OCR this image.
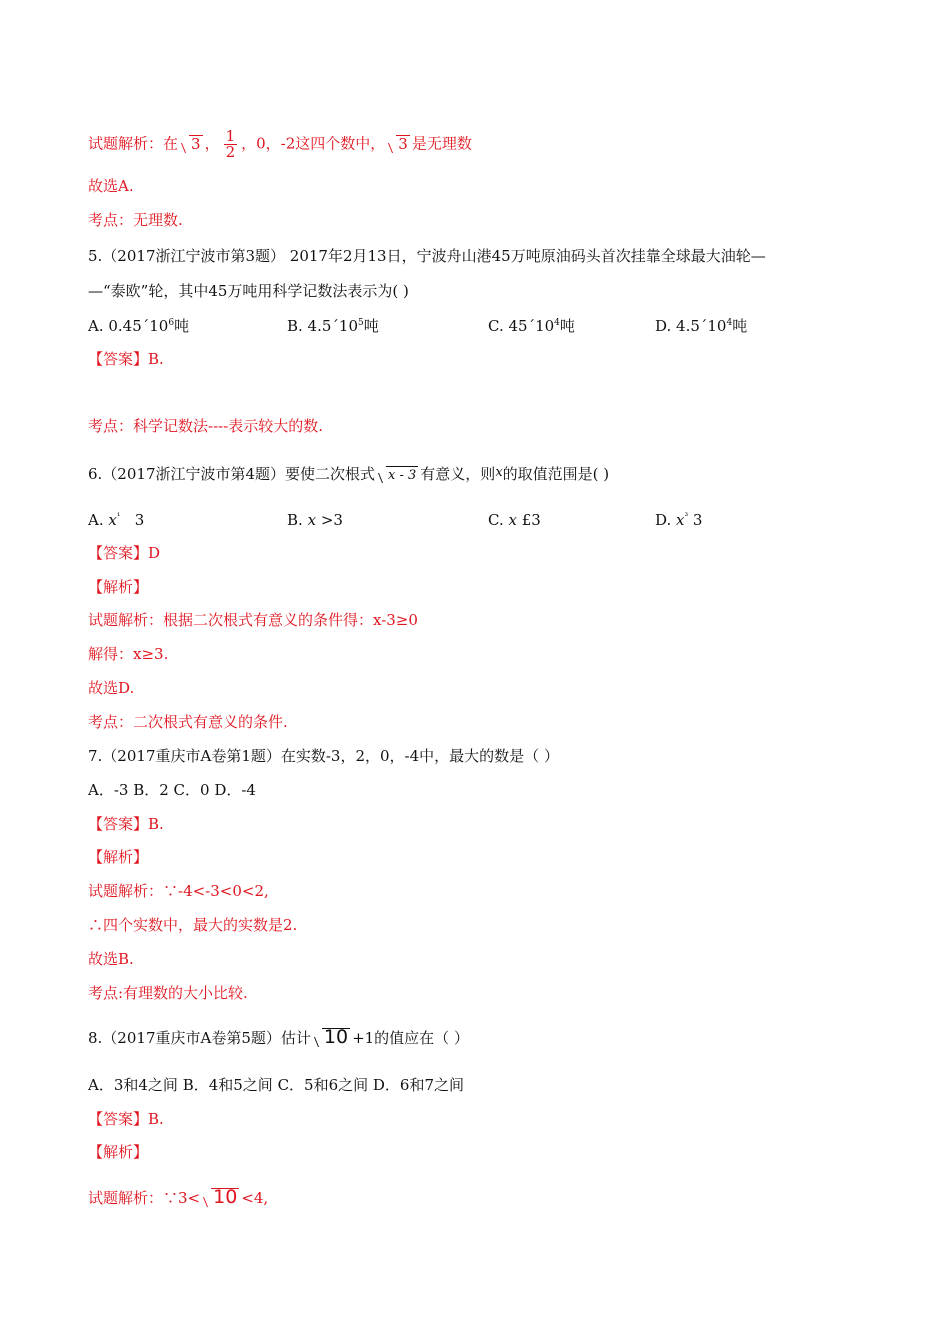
试题解析：在 3 ， $\frac{1}{2}$ ，0，-2这四个数中， 3 是无理数
故选A.
考点：无理数.
5.（2017浙江宁波市第3题） 2017年2月13日，宁波舟山港45万吨原油码头首次挂靠全球最大油轮—
—“泰欧”轮，其中45万吨用科学记数法表示为( )
A. $0.45´10^6$吨	B. $4.5´10^5$吨	C. $45´10^4$吨	D. $4.5´10^4$吨
【答案】B.
考点：科学记数法----表示较大的数.
6.（2017浙江宁波市第4题）要使二次根式 x - 3 有意义，则x的取值范围是( )
A. $x^{^1}$ 3	B. x >3	C. x £3	D. $x^{^3}$ 3
【答案】D
【解析】
试题解析：根据二次根式有意义的条件得：x-3≥0
解得：x≥3.
故选D.
考点：二次根式有意义的条件.
7.（2017重庆市A卷第1题）在实数-3，2，0，-4中，最大的数是（ ）
A．-3 B．2 C．0 D．-4
【答案】B.
【解析】
试题解析：∵-4<-3<0<2,
∴四个实数中，最大的实数是2.
故选B.
考点:有理数的大小比较.
8.（2017重庆市A卷第5题）估计 10 +1的值应在（ ）
A．3和4之间 B．4和5之间 C．5和6之间 D．6和7之间
【答案】B.
【解析】
试题解析：∵3< 10 <4,
